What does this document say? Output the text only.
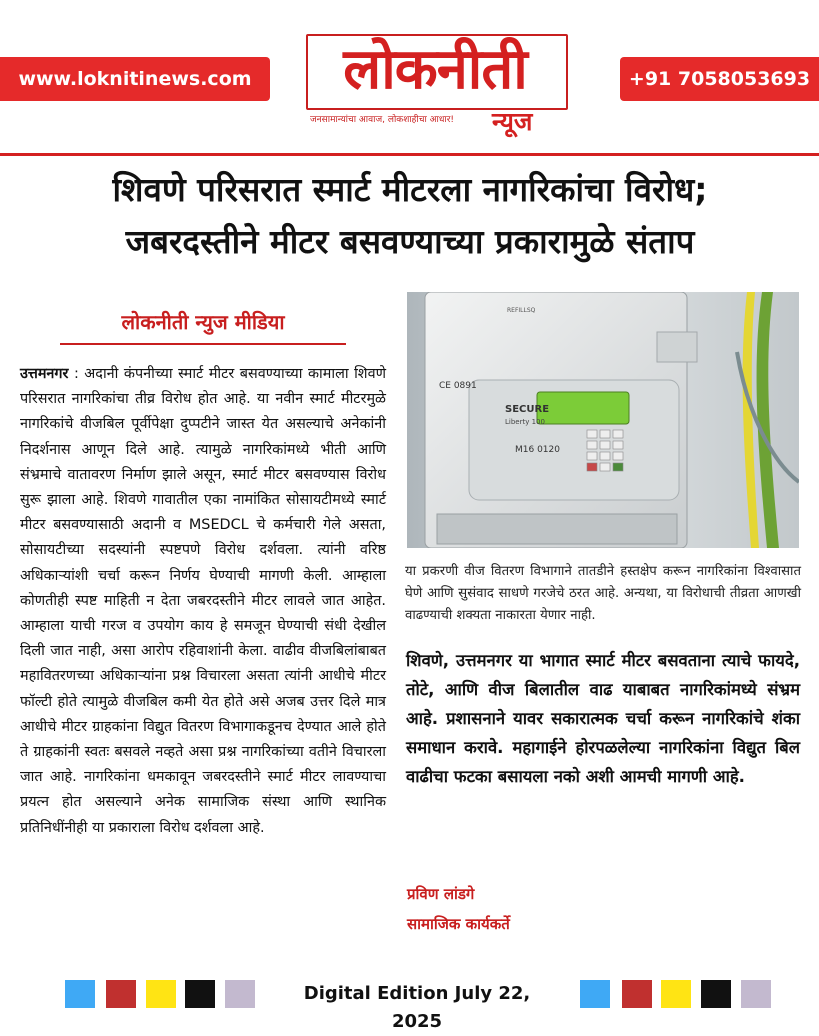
www.loknitinews.com	+91 7058053693
लोकनीती
जनसामान्यांचा आवाज, लोकशाहीचा आधार! न्यूज
शिवणे परिसरात स्मार्ट मीटरला नागरिकांचा विरोध;
जबरदस्तीने मीटर बसवण्याच्या प्रकारामुळे संताप
लोकनीती न्युज मीडिया
उत्तमनगर : अदानी कंपनीच्या स्मार्ट मीटर बसवण्याच्या कामाला शिवणे परिसरात नागरिकांचा तीव्र विरोध होत आहे. या नवीन स्मार्ट मीटरमुळे नागरिकांचे वीजबिल पूर्वीपेक्षा दुप्पटीने जास्त येत असल्याचे अनेकांनी निदर्शनास आणून दिले आहे. त्यामुळे नागरिकांमध्ये भीती आणि संभ्रमाचे वातावरण निर्माण झाले असून, स्मार्ट मीटर बसवण्यास विरोध सुरू झाला आहे. शिवणे गावातील एका नामांकित सोसायटीमध्ये स्मार्ट मीटर बसवण्यासाठी अदानी व MSEDCL चे कर्मचारी गेले असता, सोसायटीच्या सदस्यांनी स्पष्टपणे विरोध दर्शवला. त्यांनी वरिष्ठ अधिकाऱ्यांशी चर्चा करून निर्णय घेण्याची मागणी केली. आम्हाला कोणतीही स्पष्ट माहिती न देता जबरदस्तीने मीटर लावले जात आहेत. आम्हाला याची गरज व उपयोग काय हे समजून घेण्याची संधी देखील दिली जात नाही, असा आरोप रहिवाशांनी केला. वाढीव वीजबिलांबाबत महावितरणच्या अधिकाऱ्यांना प्रश्न विचारला असता त्यांनी आधीचे मीटर फॉल्टी होते त्यामुळे वीजबिल कमी येत होते असे अजब उत्तर दिले मात्र आधीचे मीटर ग्राहकांना विद्युत वितरण विभागाकडूनच देण्यात आले होते ते ग्राहकांनी स्वतः बसवले नव्हते असा प्रश्न नागरिकांच्या वतीने विचारला जात आहे. नागरिकांना धमकावून जबरदस्तीने स्मार्ट मीटर लावण्याचा प्रयत्न होत असल्याने अनेक सामाजिक संस्था आणि स्थानिक प्रतिनिधींनीही या प्रकाराला विरोध दर्शवला आहे.
SECURE
Liberty 100
CE 0891
M16 0120
REFILLSQ
या प्रकरणी वीज वितरण विभागाने तातडीने हस्तक्षेप करून नागरिकांना विश्वासात घेणे आणि सुसंवाद साधणे गरजेचे ठरत आहे. अन्यथा, या विरोधाची तीव्रता आणखी वाढण्याची शक्यता नाकारता येणार नाही.
शिवणे, उत्तमनगर या भागात स्मार्ट मीटर बसवताना त्याचे फायदे, तोटे, आणि वीज बिलातील वाढ याबाबत नागरिकांमध्ये संभ्रम आहे. प्रशासनाने यावर सकारात्मक चर्चा करून नागरिकांचे शंका समाधान करावे. महागाईने होरपळलेल्या नागरिकांना विद्युत बिल वाढीचा फटका बसायला नको अशी आमची मागणी आहे.
प्रविण लांडगे
सामाजिक कार्यकर्ते
Digital Edition July 22, 2025
